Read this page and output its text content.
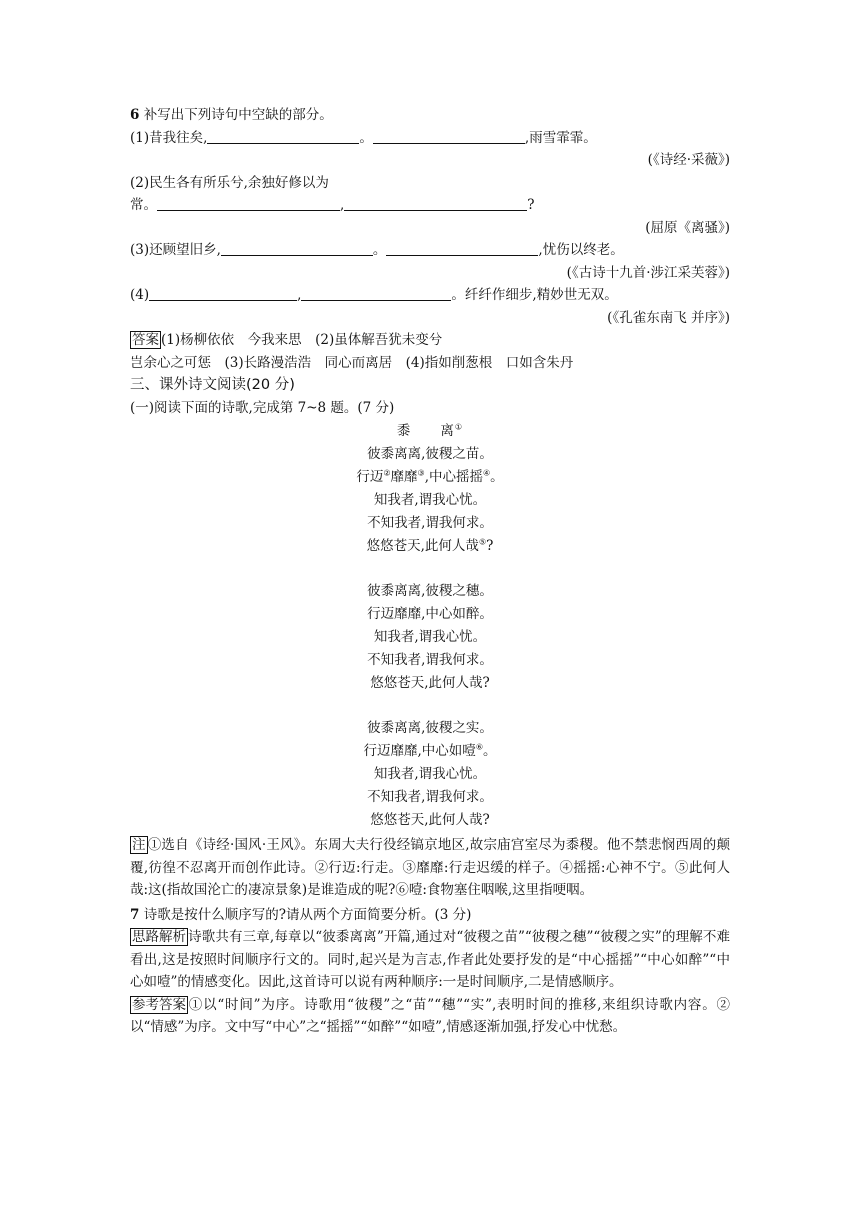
6 补写出下列诗句中空缺的部分。
(1)昔我往矣,	。	,雨雪霏霏。
(《诗经·采薇》)
(2)民生各有所乐兮,余独好修以为
常。	,	?
(屈原《离骚》)
(3)还顾望旧乡,	。	,忧伤以终老。
(《古诗十九首·涉江采芙蓉》)
(4)	,	。纤纤作细步,精妙世无双。
(《孔雀东南飞 并序》)
答案 (1)杨柳依依　今我来思　(2)虽体解吾犹未变兮
岂余心之可惩　(3)长路漫浩浩　同心而离居　(4)指如削葱根　口如含朱丹
三、课外诗文阅读(20 分)
(一)阅读下面的诗歌,完成第 7~8 题。(7 分)
黍　　离①
彼黍离离,彼稷之苗。
行迈②靡靡③,中心摇摇④。
知我者,谓我心忧。
不知我者,谓我何求。
悠悠苍天,此何人哉⑤?
彼黍离离,彼稷之穗。
行迈靡靡,中心如醉。
知我者,谓我心忧。
不知我者,谓我何求。
悠悠苍天,此何人哉?
彼黍离离,彼稷之实。
行迈靡靡,中心如噎⑥。
知我者,谓我心忧。
不知我者,谓我何求。
悠悠苍天,此何人哉?
注 ①选自《诗经·国风·王风》。东周大夫行役经镐京地区,故宗庙宫室尽为黍稷。他不禁悲悯西周的颠覆,彷徨不忍离开而创作此诗。②行迈:行走。③靡靡:行走迟缓的样子。④摇摇:心神不宁。⑤此何人哉:这(指故国沦亡的凄凉景象)是谁造成的呢?⑥噎:食物塞住咽喉,这里指哽咽。
7 诗歌是按什么顺序写的?请从两个方面简要分析。(3 分)
思路解析 诗歌共有三章,每章以“彼黍离离”开篇,通过对“彼稷之苗”“彼稷之穗”“彼稷之实”的理解不难看出,这是按照时间顺序行文的。同时,起兴是为言志,作者此处要抒发的是“中心摇摇”“中心如醉”“中心如噎”的情感变化。因此,这首诗可以说有两种顺序:一是时间顺序,二是情感顺序。
参考答案 ①以“时间”为序。诗歌用“彼稷”之“苗”“穗”“实”,表明时间的推移,来组织诗歌内容。②以“情感”为序。文中写“中心”之“摇摇”“如醉”“如噎”,情感逐渐加强,抒发心中忧愁。
